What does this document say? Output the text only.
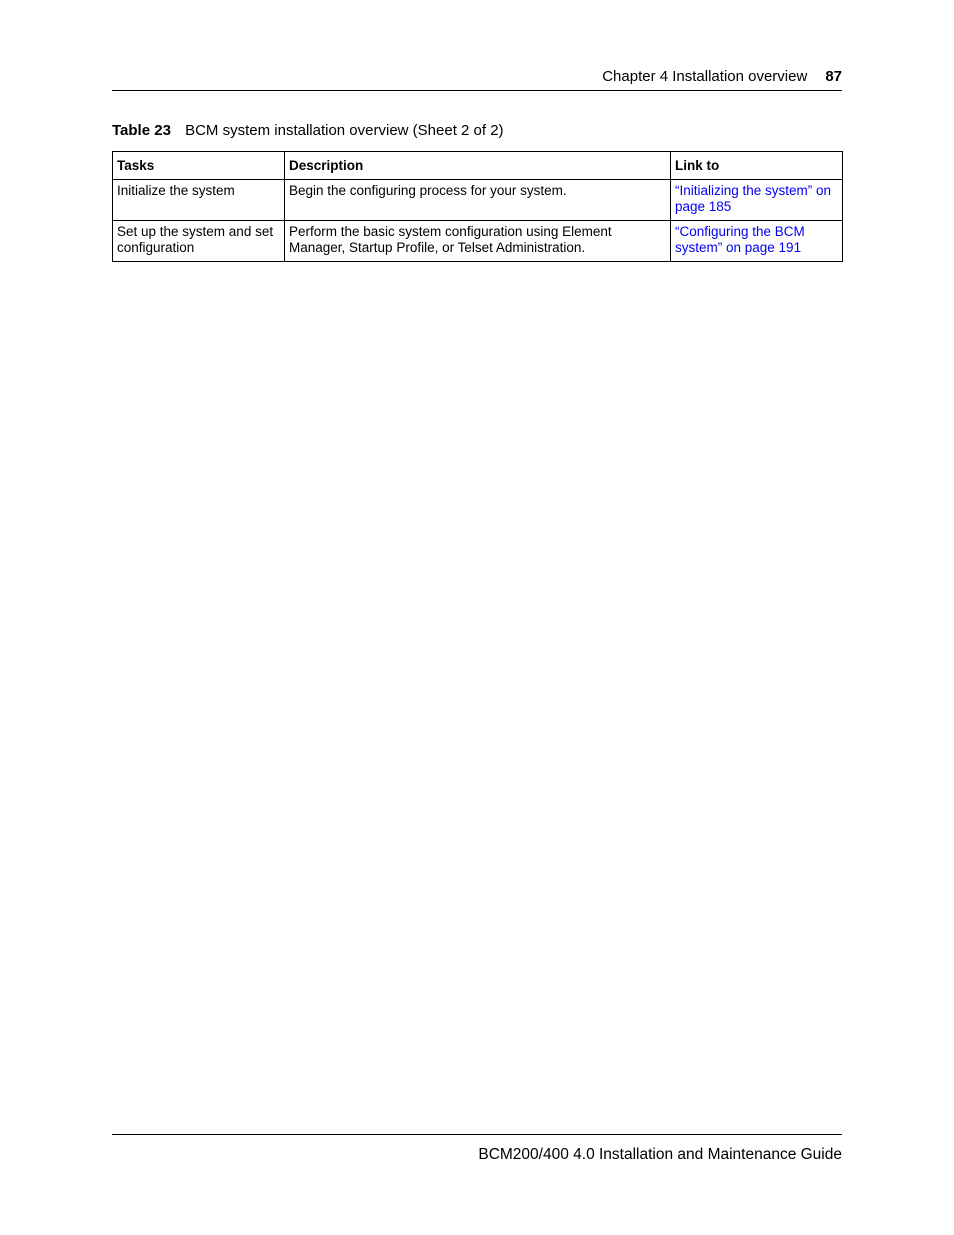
Chapter 4 Installation overview 87
Table 23 BCM system installation overview (Sheet 2 of 2)
Tasks	Description	Link to
Initialize the system	Begin the configuring process for your system.	“Initializing the system” on page 185
Set up the system and set configuration	Perform the basic system configuration using Element Manager, Startup Profile, or Telset Administration.	“Configuring the BCM system” on page 191
BCM200/400 4.0 Installation and Maintenance Guide
